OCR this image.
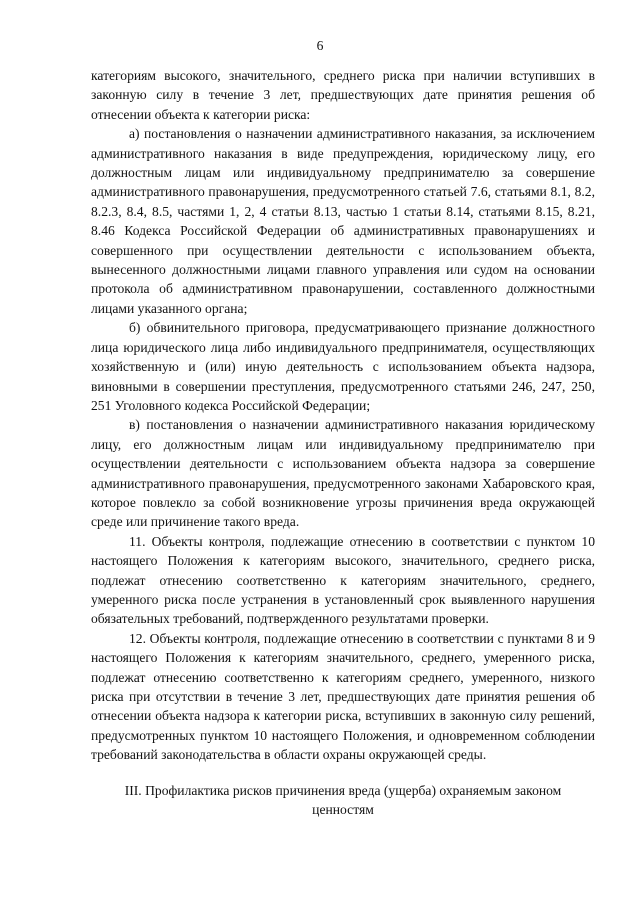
6

категориям высокого, значительного, среднего риска при наличии вступивших в законную силу в течение 3 лет, предшествующих дате принятия решения об отнесении объекта к категории риска:

а) постановления о назначении административного наказания, за исключением административного наказания в виде предупреждения, юридическому лицу, его должностным лицам или индивидуальному предпринимателю за совершение административного правонарушения, предусмотренного статьей 7.6, статьями 8.1, 8.2, 8.2.3, 8.4, 8.5, частями 1, 2, 4 статьи 8.13, частью 1 статьи 8.14, статьями 8.15, 8.21, 8.46 Кодекса Российской Федерации об административных правонарушениях и совершенного при осуществлении деятельности с использованием объекта, вынесенного должностными лицами главного управления или судом на основании протокола об административном правонарушении, составленного должностными лицами указанного органа;

б) обвинительного приговора, предусматривающего признание должностного лица юридического лица либо индивидуального предпринимателя, осуществляющих хозяйственную и (или) иную деятельность с использованием объекта надзора, виновными в совершении преступления, предусмотренного статьями 246, 247, 250, 251 Уголовного кодекса Российской Федерации;

в) постановления о назначении административного наказания юридическому лицу, его должностным лицам или индивидуальному предпринимателю при осуществлении деятельности с использованием объекта надзора за совершение административного правонарушения, предусмотренного законами Хабаровского края, которое повлекло за собой возникновение угрозы причинения вреда окружающей среде или причинение такого вреда.

11. Объекты контроля, подлежащие отнесению в соответствии с пунктом 10 настоящего Положения к категориям высокого, значительного, среднего риска, подлежат отнесению соответственно к категориям значительного, среднего, умеренного риска после устранения в установленный срок выявленного нарушения обязательных требований, подтвержденного результатами проверки.

12. Объекты контроля, подлежащие отнесению в соответствии с пунктами 8 и 9 настоящего Положения к категориям значительного, среднего, умеренного риска, подлежат отнесению соответственно к категориям среднего, умеренного, низкого риска при отсутствии в течение 3 лет, предшествующих дате принятия решения об отнесении объекта надзора к категории риска, вступивших в законную силу решений, предусмотренных пунктом 10 настоящего Положения, и одновременном соблюдении требований законодательства в области охраны окружающей среды.

III. Профилактика рисков причинения вреда (ущерба) охраняемым законом ценностям
